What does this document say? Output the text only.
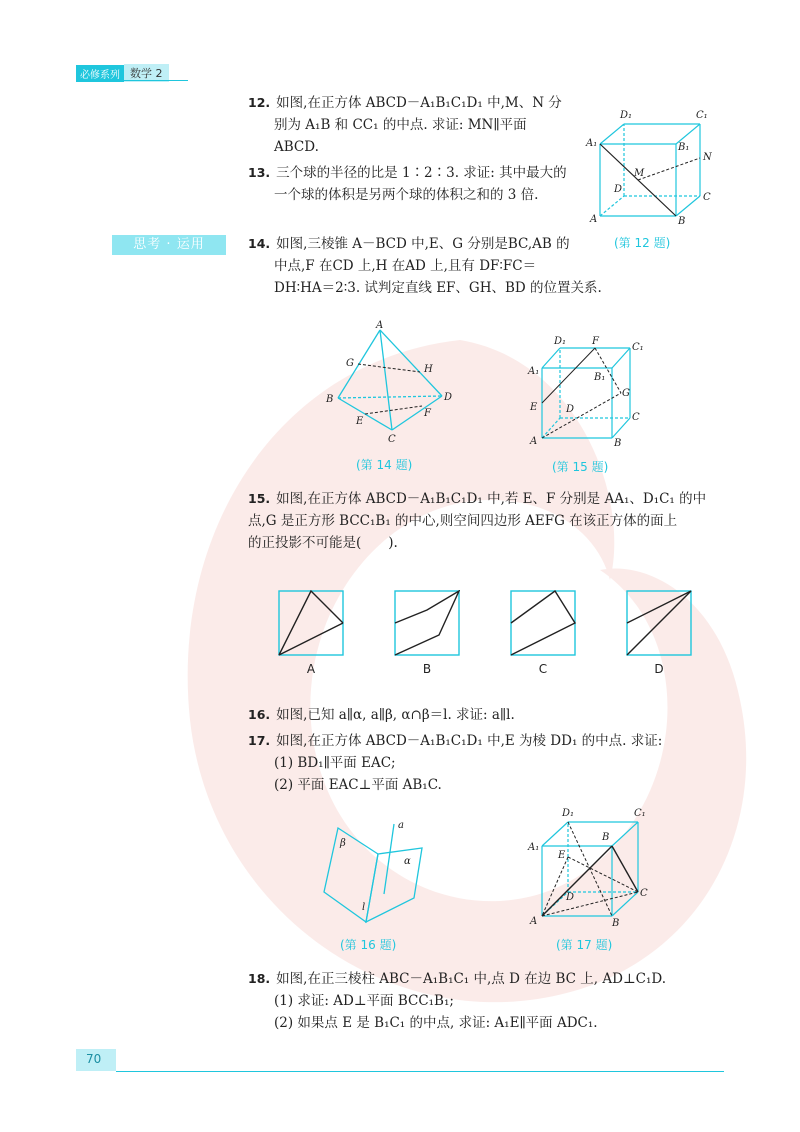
必修系列 数学 2
12. 如图,在正方体 ABCD－A₁B₁C₁D₁ 中,M、N 分
别为 A₁B 和 CC₁ 的中点. 求证: MN∥平面
ABCD.
13. 三个球的半径的比是 1∶2∶3. 求证: 其中最大的
一个球的体积是另两个球的体积之和的 3 倍.
D₁	C₁
A₁	B₁
M
N
D
C
A	B
(第 12 题)
思考 · 运用	14. 如图,三棱锥 A－BCD 中,E、G 分别是BC,AB 的
中点,F 在CD 上,H 在AD 上,且有 DF∶FC＝
DH∶HA＝2∶3. 试判定直线 EF、GH、BD 的位置关系.
A
G
H
B	D
E
F
C
(第 14 题)
D₁	F
C₁
A₁
B₁
G
E	D
C
A	B
(第 15 题)
15. 如图,在正方体 ABCD－A₁B₁C₁D₁ 中,若 E、F 分别是 AA₁、D₁C₁ 的中
点,G 是正方形 BCC₁B₁ 的中心,则空间四边形 AEFG 在该正方体的面上
的正投影不可能是(　　).
A	B	C	D
16. 如图,已知 a∥α, a∥β, α∩β＝l. 求证: a∥l.
17. 如图,在正方体 ABCD－A₁B₁C₁D₁ 中,E 为棱 DD₁ 的中点. 求证:
(1) BD₁∥平面 EAC;
(2) 平面 EAC⊥平面 AB₁C.
a
β
α
l
(第 16 题)
D₁	C₁
A₁
B
E
D	C
A	B
(第 17 题)
18. 如图,在正三棱柱 ABC－A₁B₁C₁ 中,点 D 在边 BC 上, AD⊥C₁D.
(1) 求证: AD⊥平面 BCC₁B₁;
(2) 如果点 E 是 B₁C₁ 的中点, 求证: A₁E∥平面 ADC₁.
70
